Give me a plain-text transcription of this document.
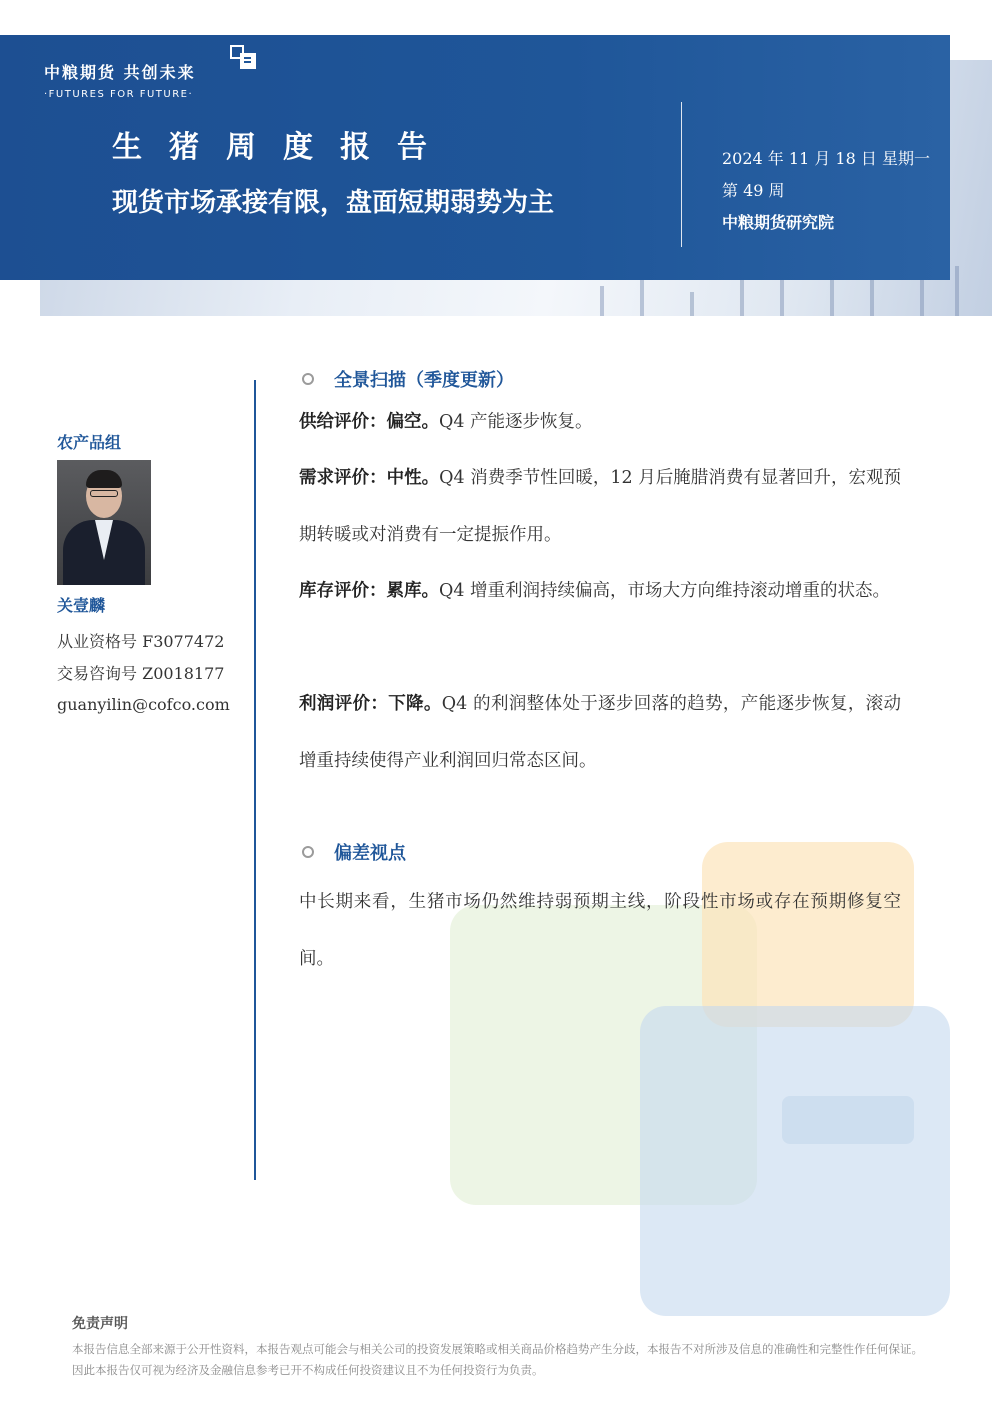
中粮期货 共创未来
·FUTURES FOR FUTURE·
生猪周度报告
现货市场承接有限，盘面短期弱势为主
2024 年 11 月 18 日 星期一
第 49 周
中粮期货研究院
农产品组
关壹麟
从业资格号 F3077472
交易咨询号 Z0018177
guanyilin@cofco.com
全景扫描（季度更新）
供给评价：偏空。Q4 产能逐步恢复。
需求评价：中性。Q4 消费季节性回暖，12 月后腌腊消费有显著回升，宏观预期转暖或对消费有一定提振作用。
库存评价：累库。Q4 增重利润持续偏高，市场大方向维持滚动增重的状态。
利润评价：下降。Q4 的利润整体处于逐步回落的趋势，产能逐步恢复，滚动增重持续使得产业利润回归常态区间。
偏差视点
中长期来看，生猪市场仍然维持弱预期主线，阶段性市场或存在预期修复空间。
免责声明
本报告信息全部来源于公开性资料，本报告观点可能会与相关公司的投资发展策略或相关商品价格趋势产生分歧，本报告不对所涉及信息的准确性和完整性作任何保证。因此本报告仅可视为经济及金融信息参考已开不构成任何投资建议且不为任何投资行为负责。
